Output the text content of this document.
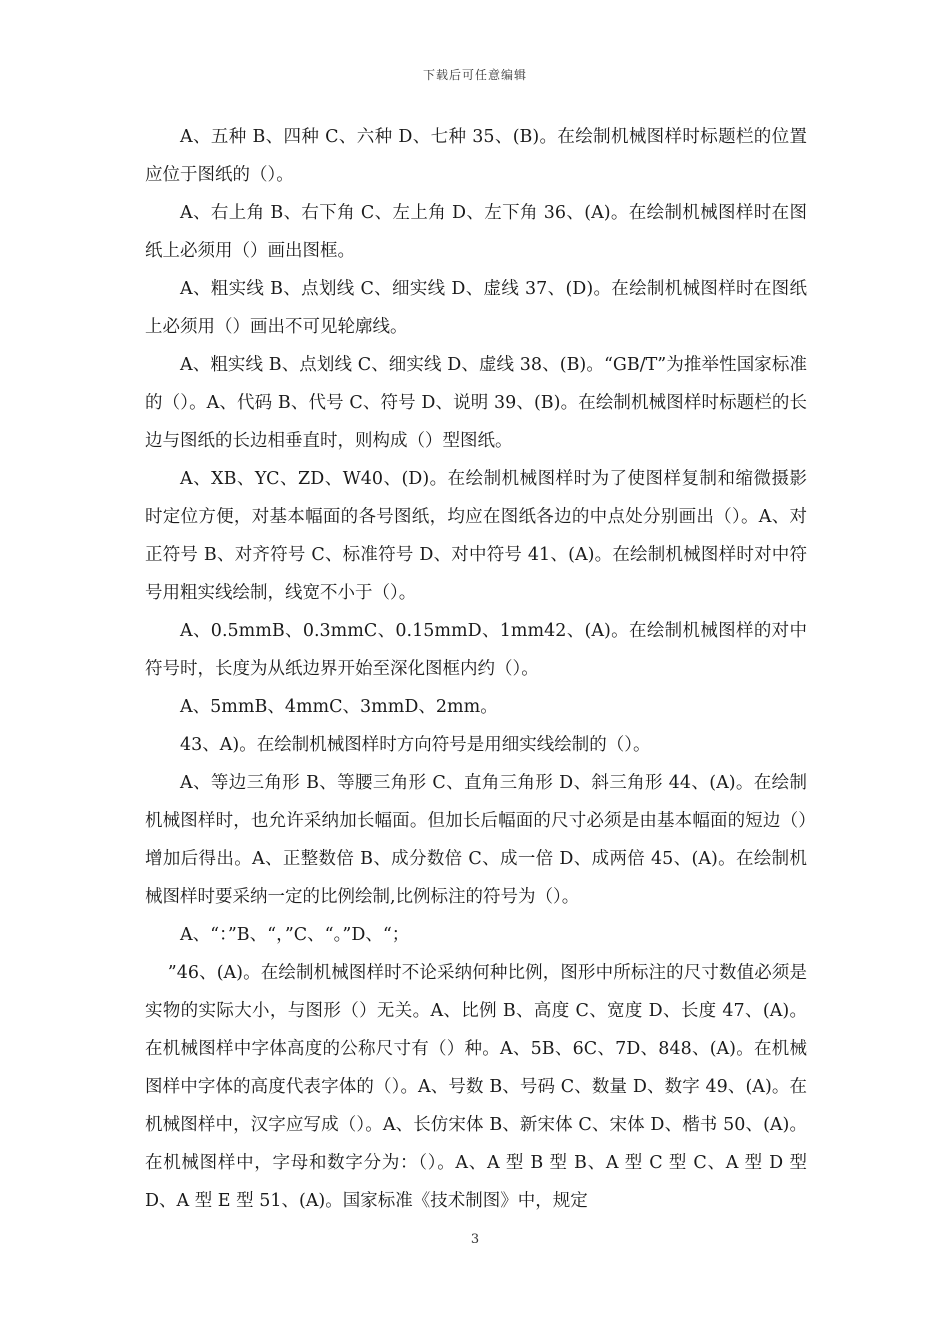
下载后可任意编辑

A、五种 B、四种 C、六种 D、七种 35、(B)。在绘制机械图样时标题栏的位置应位于图纸的（）。

A、右上角 B、右下角 C、左上角 D、左下角 36、(A)。在绘制机械图样时在图纸上必须用（）画出图框。

A、粗实线 B、点划线 C、细实线 D、虚线 37、(D)。在绘制机械图样时在图纸上必须用（）画出不可见轮廓线。

A、粗实线 B、点划线 C、细实线 D、虚线 38、(B)。“GB/T”为推举性国家标准的（）。A、代码 B、代号 C、符号 D、说明 39、(B)。在绘制机械图样时标题栏的长边与图纸的长边相垂直时，则构成（）型图纸。

A、XB、YC、ZD、W40、(D)。在绘制机械图样时为了使图样复制和缩微摄影时定位方便，对基本幅面的各号图纸，均应在图纸各边的中点处分别画出（）。A、对正符号 B、对齐符号 C、标准符号 D、对中符号 41、(A)。在绘制机械图样时对中符号用粗实线绘制，线宽不小于（）。

A、0.5mmB、0.3mmC、0.15mmD、1mm42、(A)。在绘制机械图样的对中符号时，长度为从纸边界开始至深化图框内约（）。

A、5mmB、4mmC、3mmD、2mm。

43、A)。在绘制机械图样时方向符号是用细实线绘制的（）。

A、等边三角形 B、等腰三角形 C、直角三角形 D、斜三角形 44、(A)。在绘制机械图样时，也允许采纳加长幅面。但加长后幅面的尺寸必须是由基本幅面的短边（）增加后得出。A、正整数倍 B、成分数倍 C、成一倍 D、成两倍 45、(A)。在绘制机械图样时要采纳一定的比例绘制,比例标注的符号为（）。

A、“：”B、“，”C、“。”D、“；

”46、(A)。在绘制机械图样时不论采纳何种比例，图形中所标注的尺寸数值必须是实物的实际大小，与图形（）无关。A、比例 B、高度 C、宽度 D、长度 47、(A)。在机械图样中字体高度的公称尺寸有（）种。A、5B、6C、7D、848、(A)。在机械图样中字体的高度代表字体的（）。A、号数 B、号码 C、数量 D、数字 49、(A)。在机械图样中，汉字应写成（）。A、长仿宋体 B、新宋体 C、宋体 D、楷书 50、(A)。在机械图样中，字母和数字分为：（）。A、A 型 B 型 B、A 型 C 型 C、A 型 D 型 D、A 型 E 型 51、(A)。国家标准《技术制图》中，规定

3
